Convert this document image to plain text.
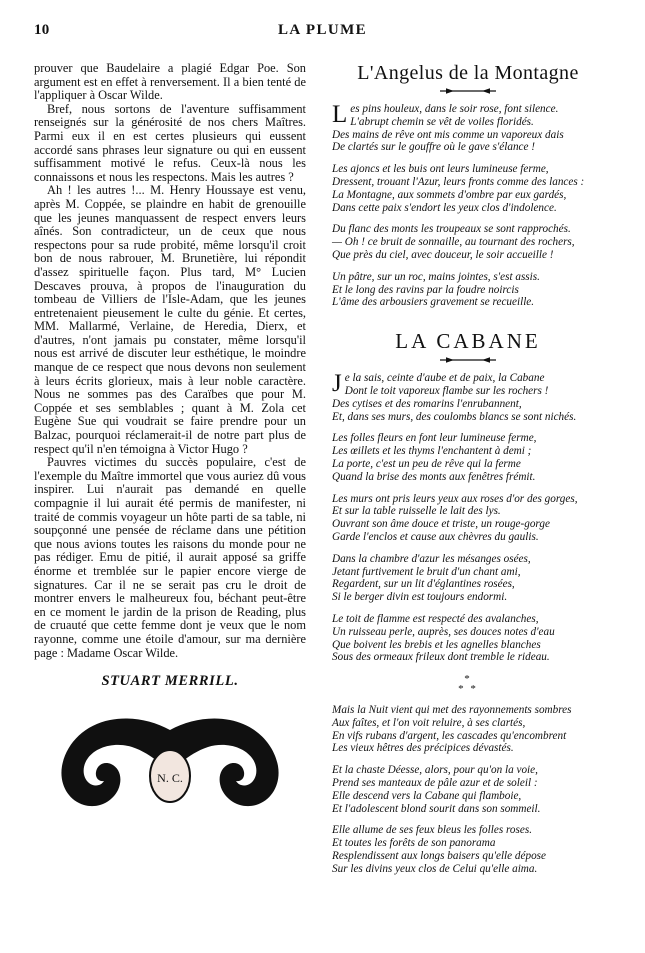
10	LA PLUME

prouver que Baudelaire a plagié Edgar Poe. Son argument est en effet à renversement. Il a bien tenté de l'appliquer à Oscar Wilde.

Bref, nous sortons de l'aventure suffisamment renseignés sur la générosité de nos chers Maîtres. Parmi eux il en est certes plusieurs qui eussent accordé sans phrases leur signature ou qui en eussent suffisamment motivé le refus. Ceux-là nous les connaissons et nous les respectons. Mais les autres ?

Ah ! les autres !... M. Henry Houssaye est venu, après M. Coppée, se plaindre en habit de grenouille que les jeunes manquassent de respect envers leurs aînés. Son contradicteur, un de ceux que nous respectons pour sa rude probité, même lorsqu'il croit bon de nous rabrouer, M. Brunetière, lui répondit d'assez spirituelle façon. Plus tard, M° Lucien Descaves prouva, à propos de l'inauguration du tombeau de Villiers de l'Isle-Adam, que les jeunes entretenaient pieusement le culte du génie. Et certes, MM. Mallarmé, Verlaine, de Heredia, Dierx, et d'autres, n'ont jamais pu constater, même lorsqu'il nous est arrivé de discuter leur esthétique, le moindre manque de ce respect que nous devons non seulement à leurs écrits glorieux, mais à leur noble caractère. Nous ne sommes pas des Caraïbes que pour M. Coppée et ses semblables ; quant à M. Zola cet Eugène Sue qui voudrait se faire prendre pour un Balzac, pourquoi réclamerait-il de notre part plus de respect qu'il n'en témoigna à Victor Hugo ?

Pauvres victimes du succès populaire, c'est de l'exemple du Maître immortel que vous auriez dû vous inspirer. Lui n'aurait pas demandé en quelle compagnie il lui aurait été permis de manifester, ni traité de commis voyageur un hôte parti de sa table, ni soupçonné une pensée de réclame dans une pétition que nous avions toutes les raisons du monde pour ne pas rédiger. Emu de pitié, il aurait apposé sa griffe énorme et tremblée sur le papier encore vierge de signatures. Car il ne se serait pas cru le droit de montrer envers le malheureux fou, béchant peut-être en ce moment le jardin de la prison de Reading, plus de cruauté que cette femme dont je veux que le nom rayonne, comme une étoile d'amour, sur ma dernière page : Madame Oscar Wilde.

STUART MERRILL.
N. C.
L'Angelus de la Montagne
L es pins houleux, dans le soir rose, font silence.
L'abrupt chemin se vêt de voiles floridés.
Des mains de rêve ont mis comme un vaporeux dais
De clartés sur le gouffre où le gave s'élance !
Les ajoncs et les buis ont leurs lumineuse ferme,
Dressent, trouant l'Azur, leurs fronts comme des lances :
La Montagne, aux sommets d'ombre par eux gardés,
Dans cette paix s'endort les yeux clos d'indolence.
Du flanc des monts les troupeaux se sont rapprochés.
— Oh ! ce bruit de sonnaille, au tournant des rochers,
Que près du ciel, avec douceur, le soir accueille !
Un pâtre, sur un roc, mains jointes, s'est assis.
Et le long des ravins par la foudre noircis
L'âme des arbousiers gravement se recueille.
LA CABANE
J e la sais, ceinte d'aube et de paix, la Cabane
Dont le toit vaporeux flambe sur les rochers !
Des cytises et des romarins l'enrubannent,
Et, dans ses murs, des coulombs blancs se sont nichés.
Les folles fleurs en font leur lumineuse ferme,
Les œillets et les thyms l'enchantent à demi ;
La porte, c'est un peu de rêve qui la ferme
Quand la brise des monts aux fenêtres frémit.
Les murs ont pris leurs yeux aux roses d'or des gorges,
Et sur la table ruisselle le lait des lys.
Ouvrant son âme douce et triste, un rouge-gorge
Garde l'enclos et cause aux chèvres du gaulis.
Dans la chambre d'azur les mésanges osées,
Jetant furtivement le bruit d'un chant ami,
Regardent, sur un lit d'églantines rosées,
Si le berger divin est toujours endormi.
Le toit de flamme est respecté des avalanches,
Un ruisseau perle, auprès, ses douces notes d'eau
Que boivent les brebis et les agnelles blanches
Sous des ormeaux frileux dont tremble le rideau.
*
* *
Mais la Nuit vient qui met des rayonnements sombres
Aux faîtes, et l'on voit reluire, à ses clartés,
En vifs rubans d'argent, les cascades qu'encombrent
Les vieux hêtres des précipices dévastés.
Et la chaste Déesse, alors, pour qu'on la voie,
Prend ses manteaux de pâle azur et de soleil :
Elle descend vers la Cabane qui flamboie,
Et l'adolescent blond sourit dans son sommeil.
Elle allume de ses feux bleus les folles roses.
Et toutes les forêts de son panorama
Resplendissent aux longs baisers qu'elle dépose
Sur les divins yeux clos de Celui qu'elle aima.
